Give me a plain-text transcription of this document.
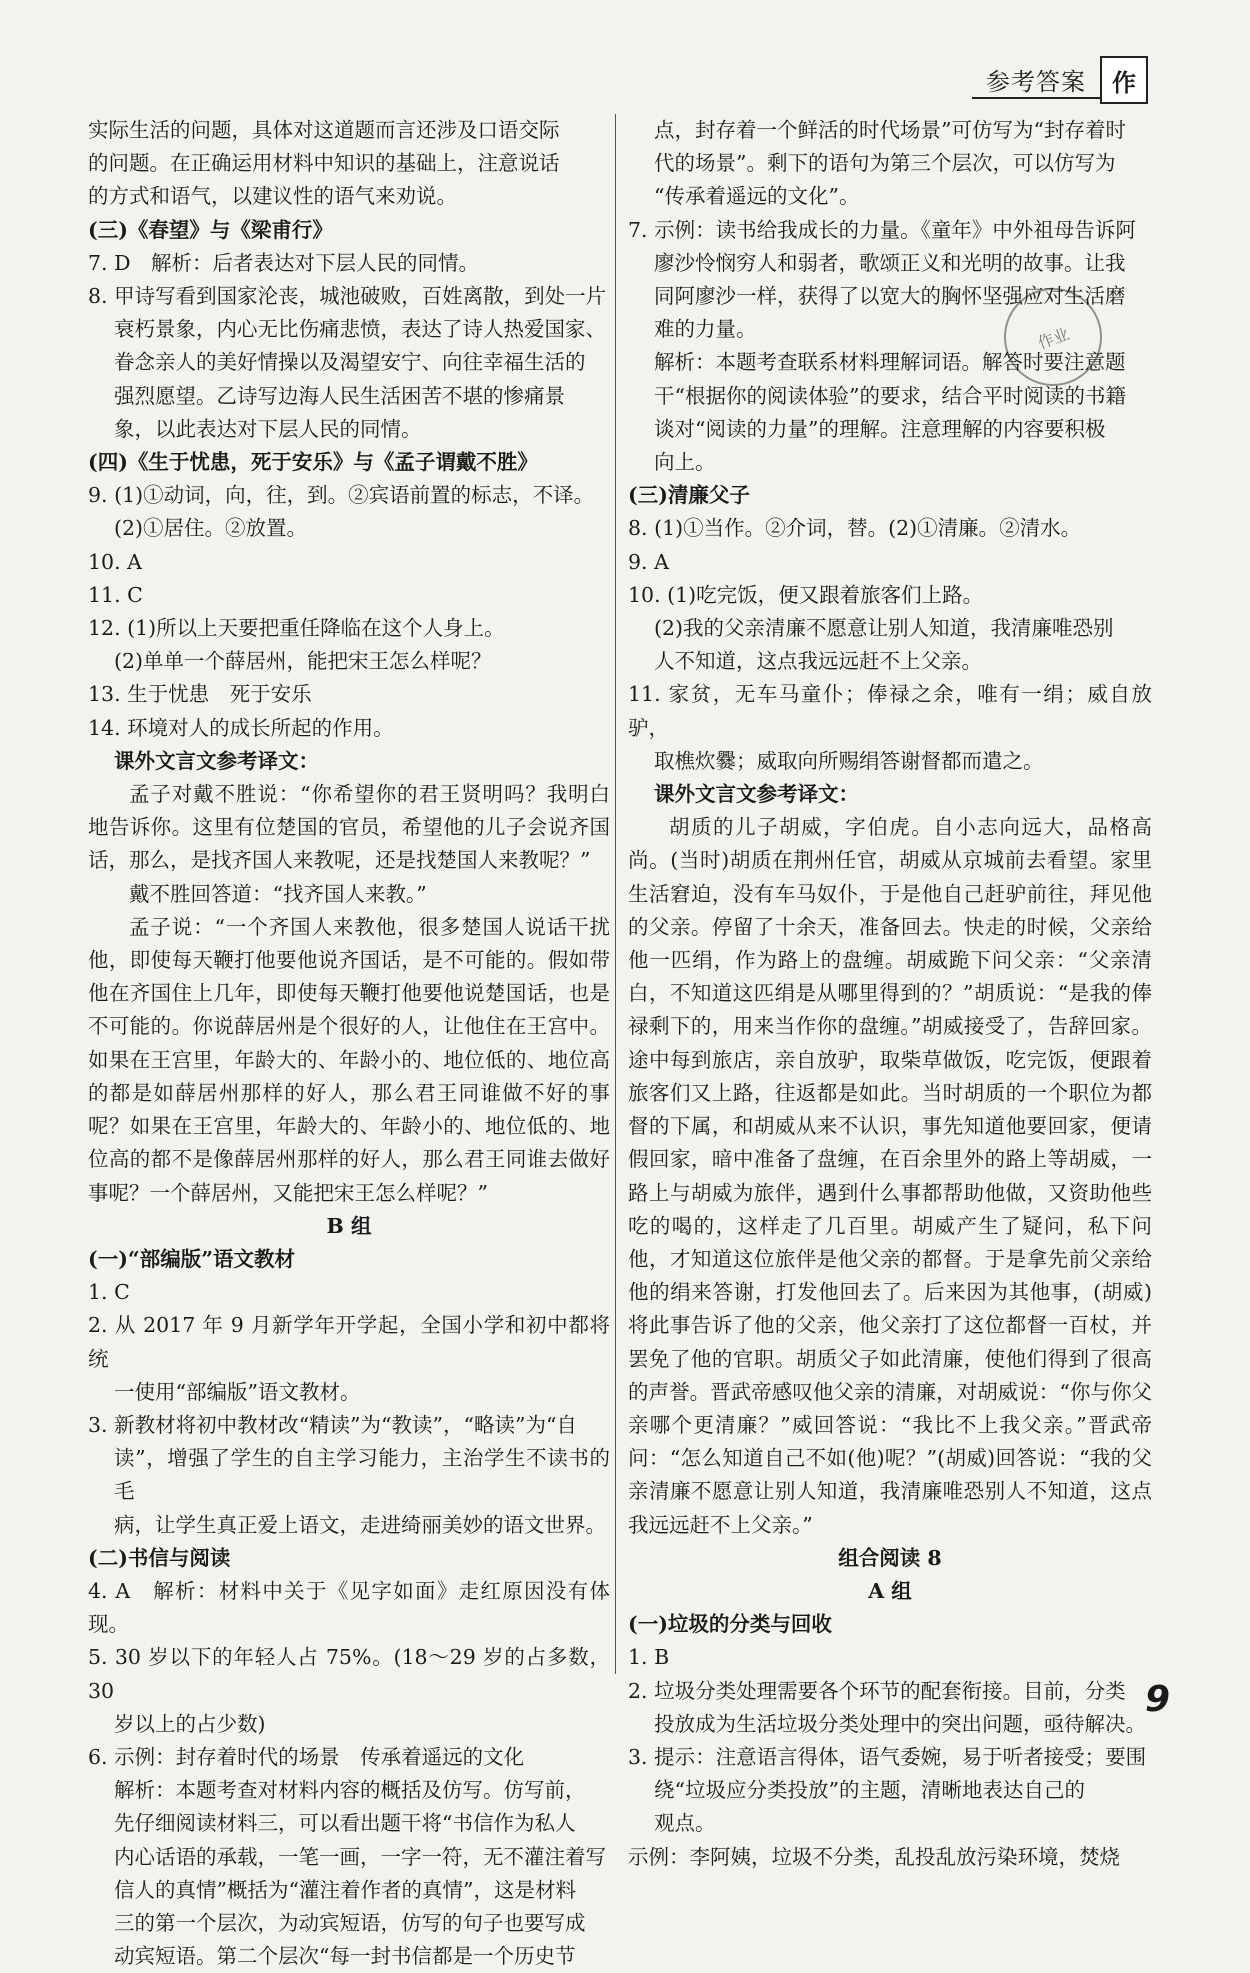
参考答案	作
作业
实际生活的问题，具体对这道题而言还涉及口语交际
的问题。在正确运用材料中知识的基础上，注意说话
的方式和语气，以建议性的语气来劝说。
(三)《春望》与《梁甫行》
7. D　解析：后者表达对下层人民的同情。
8. 甲诗写看到国家沦丧，城池破败，百姓离散，到处一片
衰朽景象，内心无比伤痛悲愤，表达了诗人热爱国家、
眷念亲人的美好情操以及渴望安宁、向往幸福生活的
强烈愿望。乙诗写边海人民生活困苦不堪的惨痛景
象，以此表达对下层人民的同情。
(四)《生于忧患，死于安乐》与《孟子谓戴不胜》
9. (1)①动词，向，往，到。②宾语前置的标志，不译。
(2)①居住。②放置。
10. A
11. C
12. (1)所以上天要把重任降临在这个人身上。
(2)单单一个薛居州，能把宋王怎么样呢？
13. 生于忧患　死于安乐
14. 环境对人的成长所起的作用。
课外文言文参考译文：
孟子对戴不胜说：“你希望你的君王贤明吗？我明白地告诉你。这里有位楚国的官员，希望他的儿子会说齐国话，那么，是找齐国人来教呢，还是找楚国人来教呢？”
戴不胜回答道：“找齐国人来教。”
孟子说：“一个齐国人来教他，很多楚国人说话干扰他，即使每天鞭打他要他说齐国话，是不可能的。假如带他在齐国住上几年，即使每天鞭打他要他说楚国话，也是不可能的。你说薛居州是个很好的人，让他住在王宫中。如果在王宫里，年龄大的、年龄小的、地位低的、地位高的都是如薛居州那样的好人，那么君王同谁做不好的事呢？如果在王宫里，年龄大的、年龄小的、地位低的、地位高的都不是像薛居州那样的好人，那么君王同谁去做好事呢？一个薛居州，又能把宋王怎么样呢？”
B 组
(一)“部编版”语文教材
1. C
2. 从 2017 年 9 月新学年开学起，全国小学和初中都将统
一使用“部编版”语文教材。
3. 新教材将初中教材改“精读”为“教读”，“略读”为“自
读”，增强了学生的自主学习能力，主治学生不读书的毛
病，让学生真正爱上语文，走进绮丽美妙的语文世界。
(二)书信与阅读
4. A　解析：材料中关于《见字如面》走红原因没有体现。
5. 30 岁以下的年轻人占 75%。(18～29 岁的占多数，30
岁以上的占少数)
6. 示例：封存着时代的场景　传承着遥远的文化
解析：本题考查对材料内容的概括及仿写。仿写前，
先仔细阅读材料三，可以看出题干将“书信作为私人
内心话语的承载，一笔一画，一字一符，无不灌注着写
信人的真情”概括为“灌注着作者的真情”，这是材料
三的第一个层次，为动宾短语，仿写的句子也要写成
动宾短语。第二个层次“每一封书信都是一个历史节
点，封存着一个鲜活的时代场景”可仿写为“封存着时
代的场景”。剩下的语句为第三个层次，可以仿写为
“传承着遥远的文化”。
7. 示例：读书给我成长的力量。《童年》中外祖母告诉阿
廖沙怜悯穷人和弱者，歌颂正义和光明的故事。让我
同阿廖沙一样，获得了以宽大的胸怀坚强应对生活磨
难的力量。
解析：本题考查联系材料理解词语。解答时要注意题
干“根据你的阅读体验”的要求，结合平时阅读的书籍
谈对“阅读的力量”的理解。注意理解的内容要积极
向上。
(三)清廉父子
8. (1)①当作。②介词，替。(2)①清廉。②清水。
9. A
10. (1)吃完饭，便又跟着旅客们上路。
(2)我的父亲清廉不愿意让别人知道，我清廉唯恐别
人不知道，这点我远远赶不上父亲。
11. 家贫，无车马童仆；俸禄之余，唯有一绢；威自放驴，
取樵炊爨；威取向所赐绢答谢督都而遣之。
课外文言文参考译文：
胡质的儿子胡威，字伯虎。自小志向远大，品格高尚。(当时)胡质在荆州任官，胡威从京城前去看望。家里生活窘迫，没有车马奴仆，于是他自己赶驴前往，拜见他的父亲。停留了十余天，准备回去。快走的时候，父亲给他一匹绢，作为路上的盘缠。胡威跪下问父亲：“父亲清白，不知道这匹绢是从哪里得到的？”胡质说：“是我的俸禄剩下的，用来当作你的盘缠。”胡威接受了，告辞回家。途中每到旅店，亲自放驴，取柴草做饭，吃完饭，便跟着旅客们又上路，往返都是如此。当时胡质的一个职位为都督的下属，和胡威从来不认识，事先知道他要回家，便请假回家，暗中准备了盘缠，在百余里外的路上等胡威，一路上与胡威为旅伴，遇到什么事都帮助他做，又资助他些吃的喝的，这样走了几百里。胡威产生了疑问，私下问他，才知道这位旅伴是他父亲的都督。于是拿先前父亲给他的绢来答谢，打发他回去了。后来因为其他事，(胡威)将此事告诉了他的父亲，他父亲打了这位都督一百杖，并罢免了他的官职。胡质父子如此清廉，使他们得到了很高的声誉。晋武帝感叹他父亲的清廉，对胡威说：“你与你父亲哪个更清廉？”威回答说：“我比不上我父亲。”晋武帝问：“怎么知道自己不如(他)呢？”(胡威)回答说：“我的父亲清廉不愿意让别人知道，我清廉唯恐别人不知道，这点我远远赶不上父亲。”
组合阅读 8
A 组
(一)垃圾的分类与回收
1. B
2. 垃圾分类处理需要各个环节的配套衔接。目前，分类
投放成为生活垃圾分类处理中的突出问题，亟待解决。
3. 提示：注意语言得体，语气委婉，易于听者接受；要围
绕“垃圾应分类投放”的主题，清晰地表达自己的
观点。
示例：李阿姨，垃圾不分类，乱投乱放污染环境，焚烧
9
